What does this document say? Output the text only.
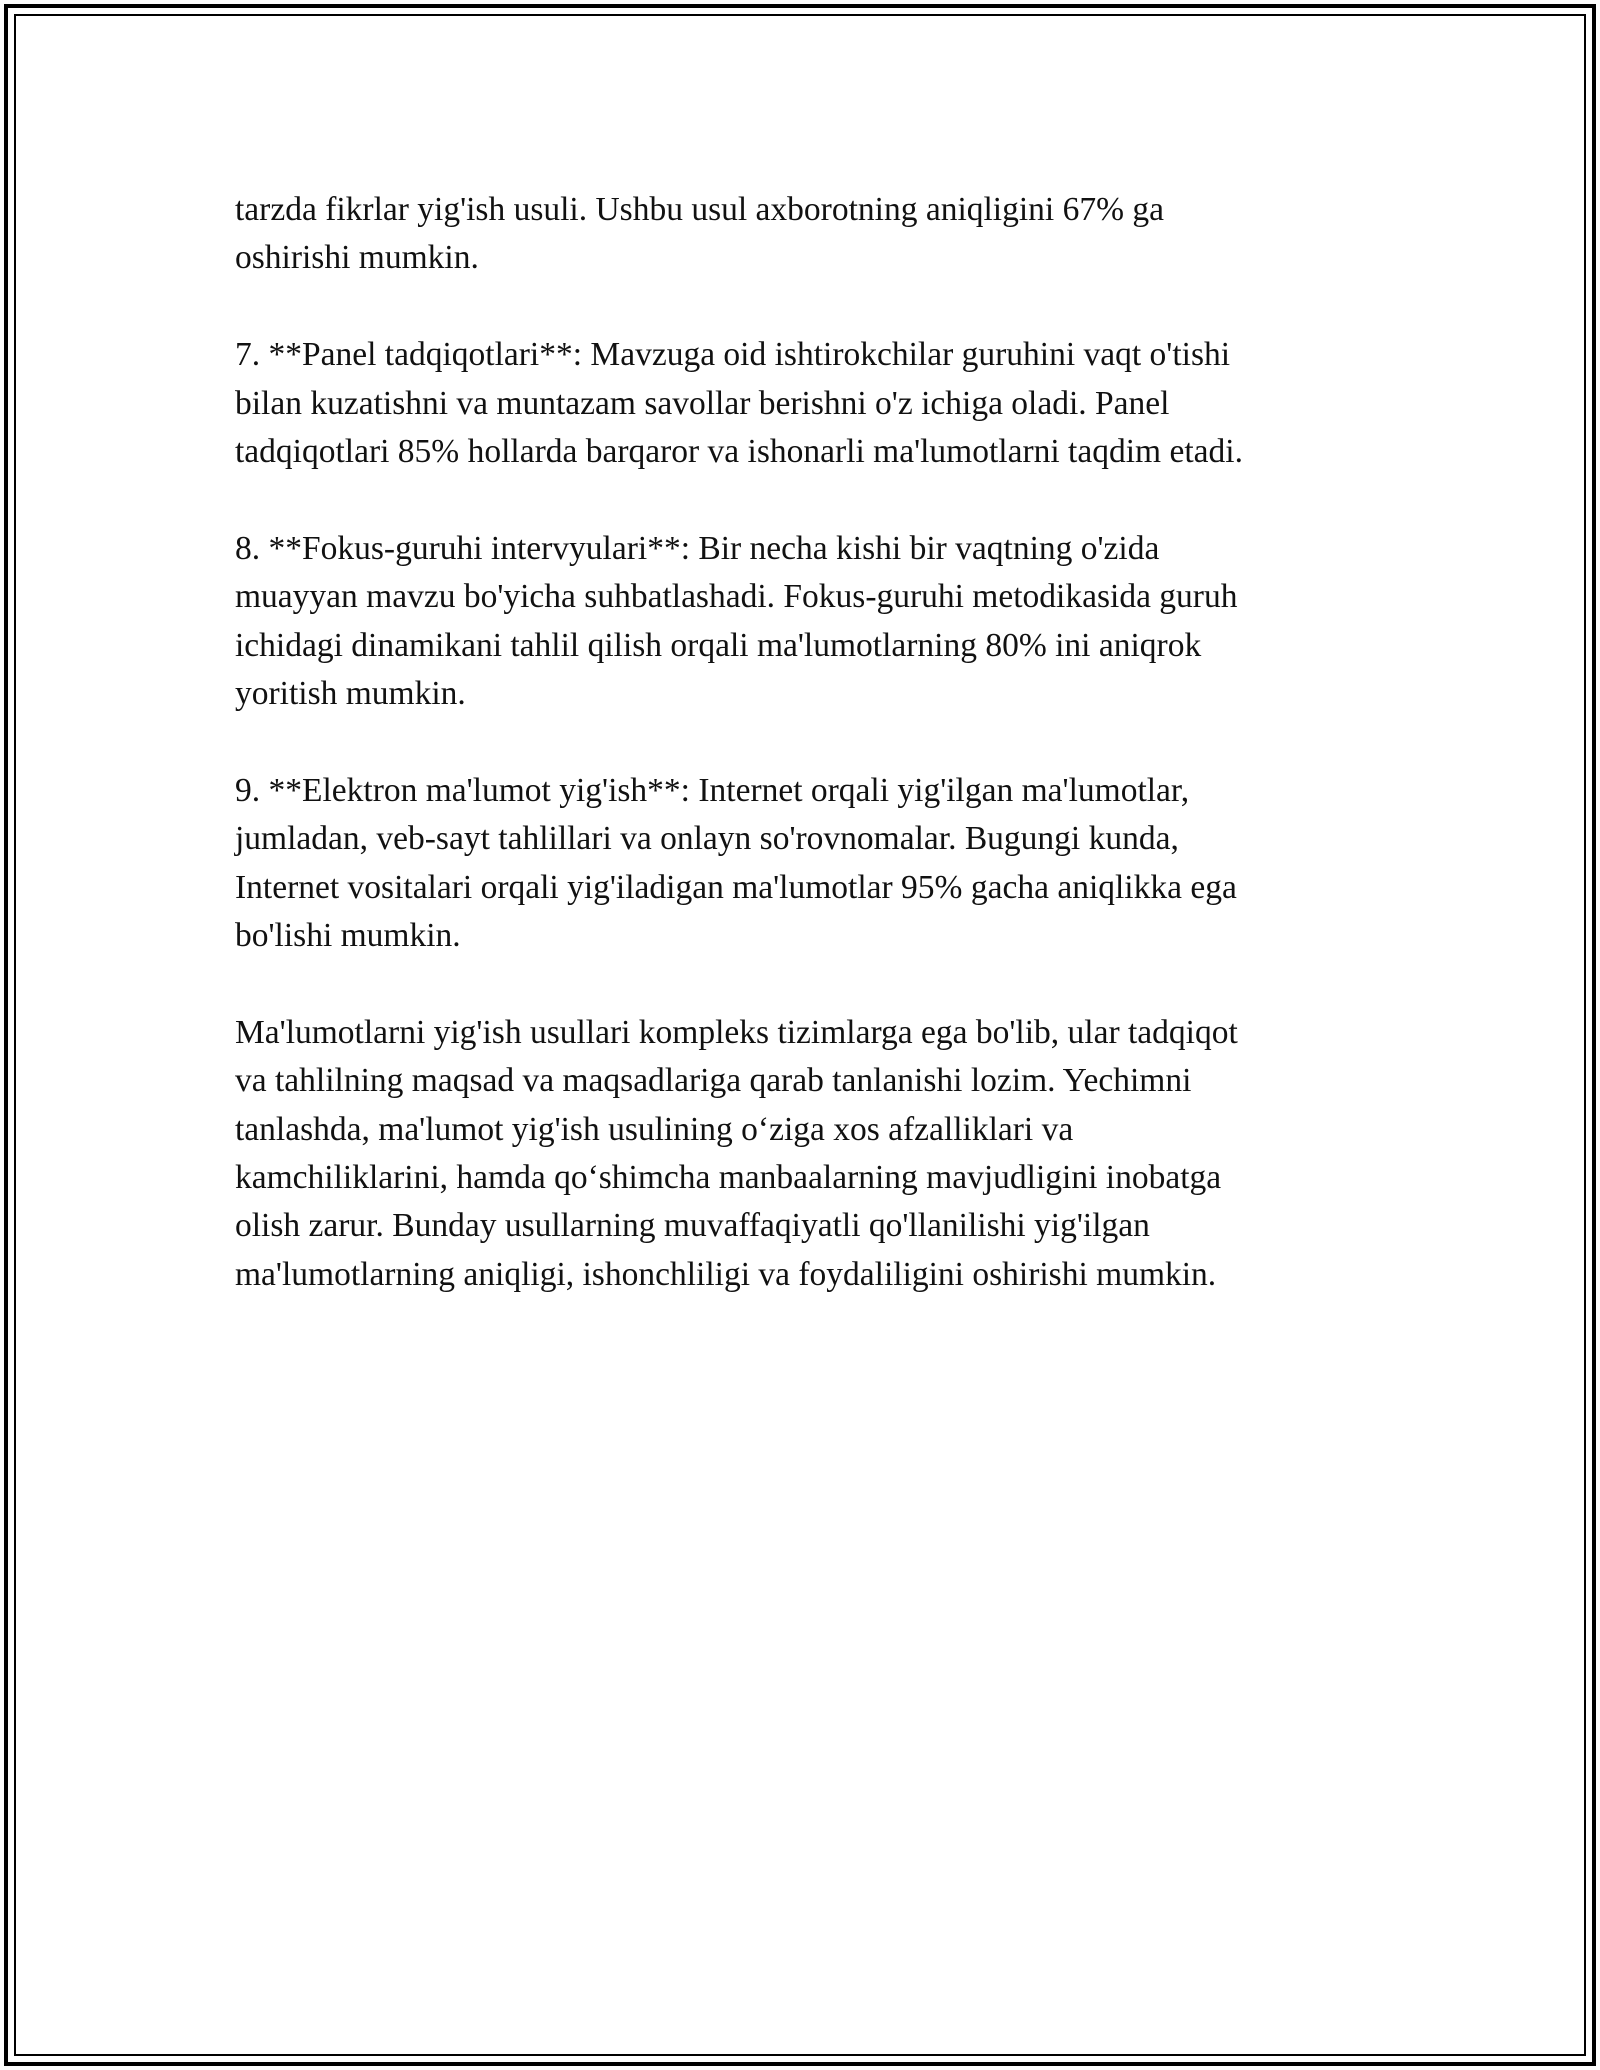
tarzda fikrlar yig'ish usuli. Ushbu usul axborotning aniqligini 67% ga
oshirishi mumkin.

7. **Panel tadqiqotlari**: Mavzuga oid ishtirokchilar guruhini vaqt o'tishi
bilan kuzatishni va muntazam savollar berishni o'z ichiga oladi. Panel
tadqiqotlari 85% hollarda barqaror va ishonarli ma'lumotlarni taqdim etadi.

8. **Fokus-guruhi intervyulari**: Bir necha kishi bir vaqtning o'zida
muayyan mavzu bo'yicha suhbatlashadi. Fokus-guruhi metodikasida guruh
ichidagi dinamikani tahlil qilish orqali ma'lumotlarning 80% ini aniqrok
yoritish mumkin.

9. **Elektron ma'lumot yig'ish**: Internet orqali yig'ilgan ma'lumotlar,
jumladan, veb-sayt tahlillari va onlayn so'rovnomalar. Bugungi kunda,
Internet vositalari orqali yig'iladigan ma'lumotlar 95% gacha aniqlikka ega
bo'lishi mumkin.

Ma'lumotlarni yig'ish usullari kompleks tizimlarga ega bo'lib, ular tadqiqot
va tahlilning maqsad va maqsadlariga qarab tanlanishi lozim. Yechimni
tanlashda, ma'lumot yig'ish usulining o‘ziga xos afzalliklari va
kamchiliklarini, hamda qo‘shimcha manbaalarning mavjudligini inobatga
olish zarur. Bunday usullarning muvaffaqiyatli qo'llanilishi yig'ilgan
ma'lumotlarning aniqligi, ishonchliligi va foydaliligini oshirishi mumkin.
